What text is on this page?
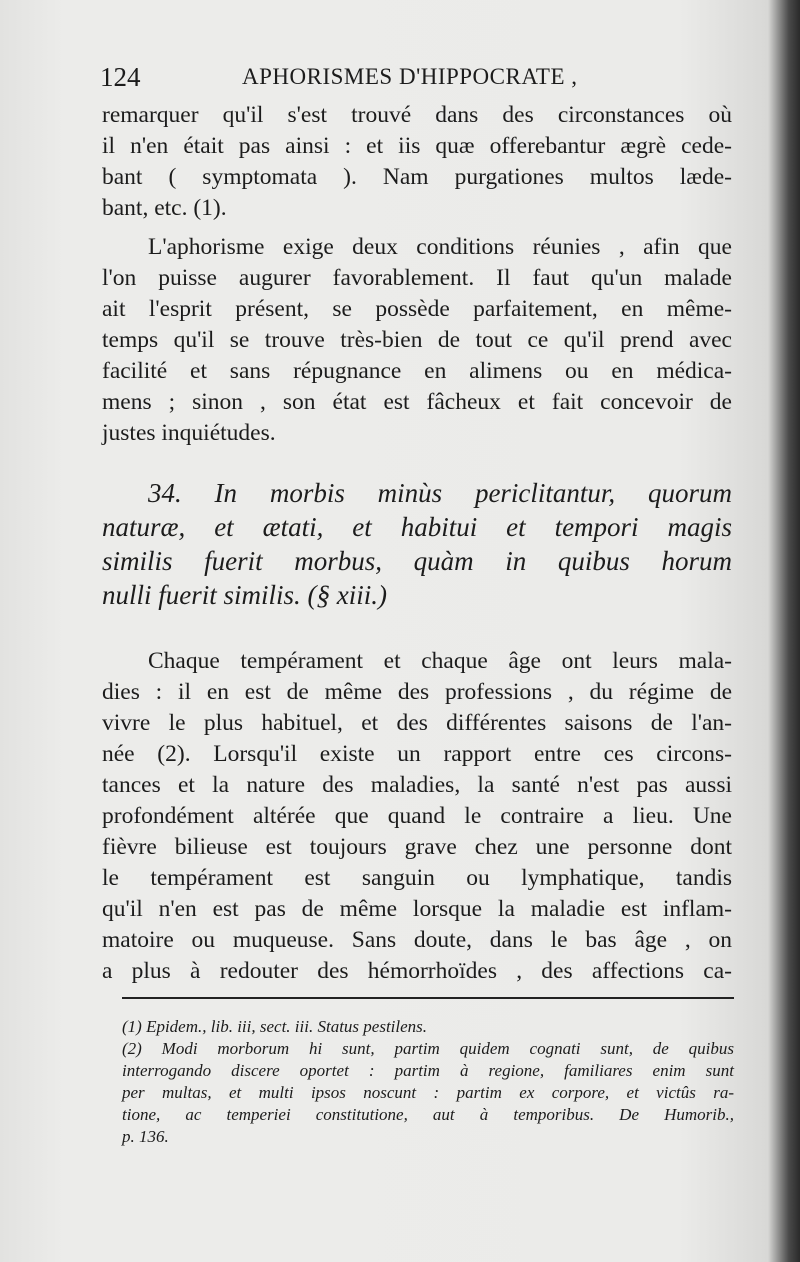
124	APHORISMES D'HIPPOCRATE ,
remarquer qu'il s'est trouvé dans des circonstances où
il n'en était pas ainsi : et iis quæ offerebantur ægrè cede-
bant ( symptomata ). Nam purgationes multos læde-
bant, etc. (1).
L'aphorisme exige deux conditions réunies , afin que
l'on puisse augurer favorablement. Il faut qu'un malade
ait l'esprit présent, se possède parfaitement, en même-
temps qu'il se trouve très-bien de tout ce qu'il prend avec
facilité et sans répugnance en alimens ou en médica-
mens ; sinon , son état est fâcheux et fait concevoir de
justes inquiétudes.
34. In morbis minùs periclitantur, quorum
naturæ, et ætati, et habitui et tempori magis
similis fuerit morbus, quàm in quibus horum
nulli fuerit similis. (§ xiii.)
Chaque tempérament et chaque âge ont leurs mala-
dies : il en est de même des professions , du régime de
vivre le plus habituel, et des différentes saisons de l'an-
née (2). Lorsqu'il existe un rapport entre ces circons-
tances et la nature des maladies, la santé n'est pas aussi
profondément altérée que quand le contraire a lieu. Une
fièvre bilieuse est toujours grave chez une personne dont
le tempérament est sanguin ou lymphatique, tandis
qu'il n'en est pas de même lorsque la maladie est inflam-
matoire ou muqueuse. Sans doute, dans le bas âge , on
a plus à redouter des hémorrhoïdes , des affections ca-
(1) Epidem., lib. iii, sect. iii. Status pestilens.
(2) Modi morborum hi sunt, partim quidem cognati sunt, de quibus
interrogando discere oportet : partim à regione, familiares enim sunt
per multas, et multi ipsos noscunt : partim ex corpore, et victûs ra-
tione, ac temperiei constitutione, aut à temporibus. De Humorib.,
p. 136.
